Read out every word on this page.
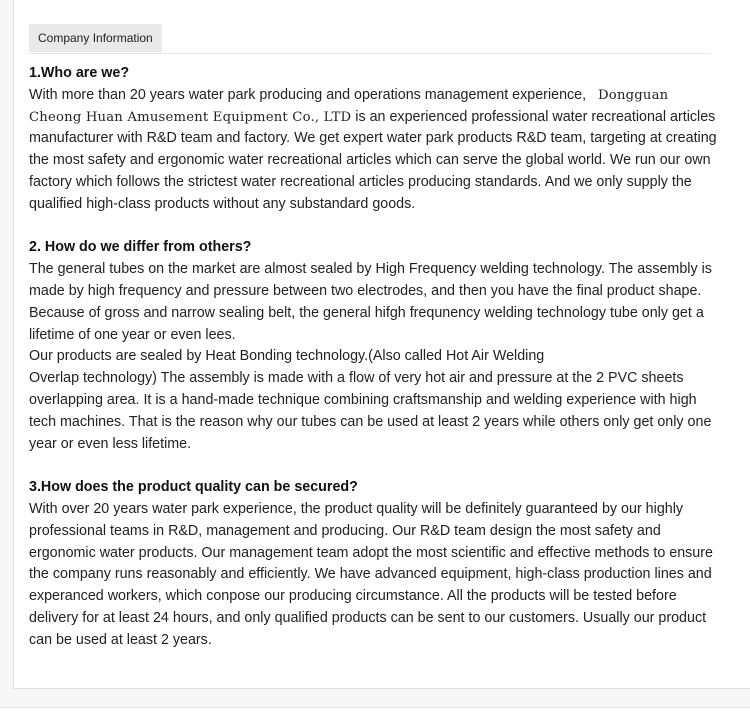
Company Information

1.Who are we?

With more than 20 years water park producing and operations management experience, Dongguan Cheong Huan Amusement Equipment Co., LTD is an experienced professional water recreational articles manufacturer with R&D team and factory. We get expert water park products R&D team, targeting at creating the most safety and ergonomic water recreational articles which can serve the global world. We run our own factory which follows the strictest water recreational articles producing standards. And we only supply the qualified high-class products without any substandard goods.

2. How do we differ from others?

The general tubes on the market are almost sealed by High Frequency welding technology. The assembly is made by high frequency and pressure between two electrodes, and then you have the final product shape. Because of gross and narrow sealing belt, the general hifgh frequnency welding technology tube only get a lifetime of one year or even lees.

Our products are sealed by Heat Bonding technology.(Also called Hot Air Welding

Overlap technology) The assembly is made with a flow of very hot air and pressure at the 2 PVC sheets overlapping area. It is a hand-made technique combining craftsmanship and welding experience with high tech machines. That is the reason why our tubes can be used at least 2 years while others only get only one year or even less lifetime.

3.How does the product quality can be secured?

With over 20 years water park experience, the product quality will be definitely guaranteed by our highly professional teams in R&D, management and producing. Our R&D team design the most safety and ergonomic water products. Our management team adopt the most scientific and effective methods to ensure the company runs reasonably and efficiently. We have advanced equipment, high-class production lines and experanced workers, which conpose our producing circumstance. All the products will be tested before delivery for at least 24 hours, and only qualified products can be sent to our customers. Usually our product can be used at least 2 years.
